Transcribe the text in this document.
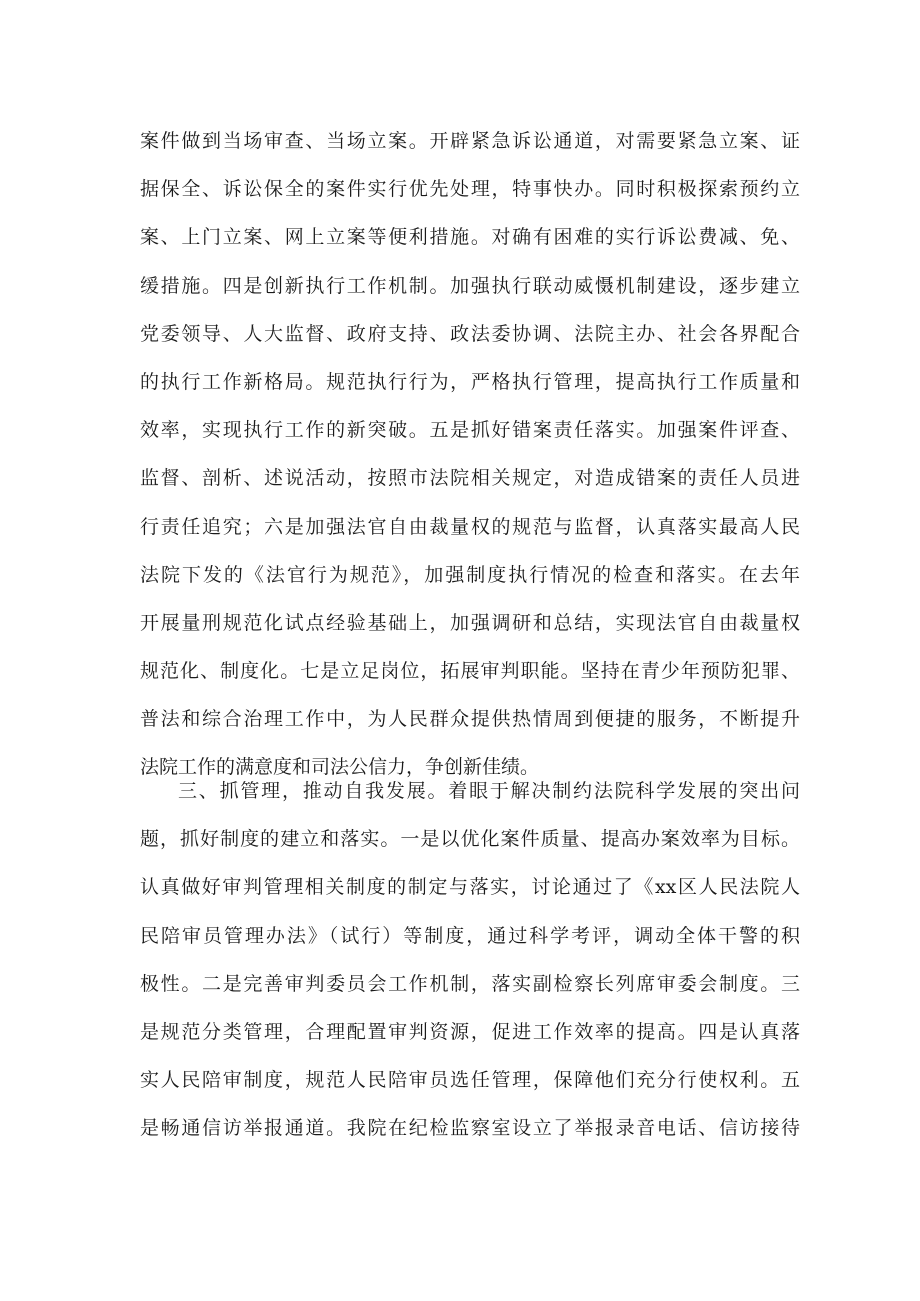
案件做到当场审查、当场立案。开辟紧急诉讼通道，对需要紧急立案、证
据保全、诉讼保全的案件实行优先处理，特事快办。同时积极探索预约立
案、上门立案、网上立案等便利措施。对确有困难的实行诉讼费减、免、
缓措施。四是创新执行工作机制。加强执行联动威慑机制建设，逐步建立
党委领导、人大监督、政府支持、政法委协调、法院主办、社会各界配合
的执行工作新格局。规范执行行为，严格执行管理，提高执行工作质量和
效率，实现执行工作的新突破。五是抓好错案责任落实。加强案件评查、
监督、剖析、述说活动，按照市法院相关规定，对造成错案的责任人员进
行责任追究；六是加强法官自由裁量权的规范与监督，认真落实最高人民
法院下发的《法官行为规范》，加强制度执行情况的检查和落实。在去年
开展量刑规范化试点经验基础上，加强调研和总结，实现法官自由裁量权
规范化、制度化。七是立足岗位，拓展审判职能。坚持在青少年预防犯罪、
普法和综合治理工作中，为人民群众提供热情周到便捷的服务，不断提升
法院工作的满意度和司法公信力，争创新佳绩。
三、抓管理，推动自我发展。着眼于解决制约法院科学发展的突出问
题，抓好制度的建立和落实。一是以优化案件质量、提高办案效率为目标。
认真做好审判管理相关制度的制定与落实，讨论通过了《xx区人民法院人
民陪审员管理办法》（试行）等制度，通过科学考评，调动全体干警的积
极性。二是完善审判委员会工作机制，落实副检察长列席审委会制度。三
是规范分类管理，合理配置审判资源，促进工作效率的提高。四是认真落
实人民陪审制度，规范人民陪审员选任管理，保障他们充分行使权利。五
是畅通信访举报通道。我院在纪检监察室设立了举报录音电话、信访接待
